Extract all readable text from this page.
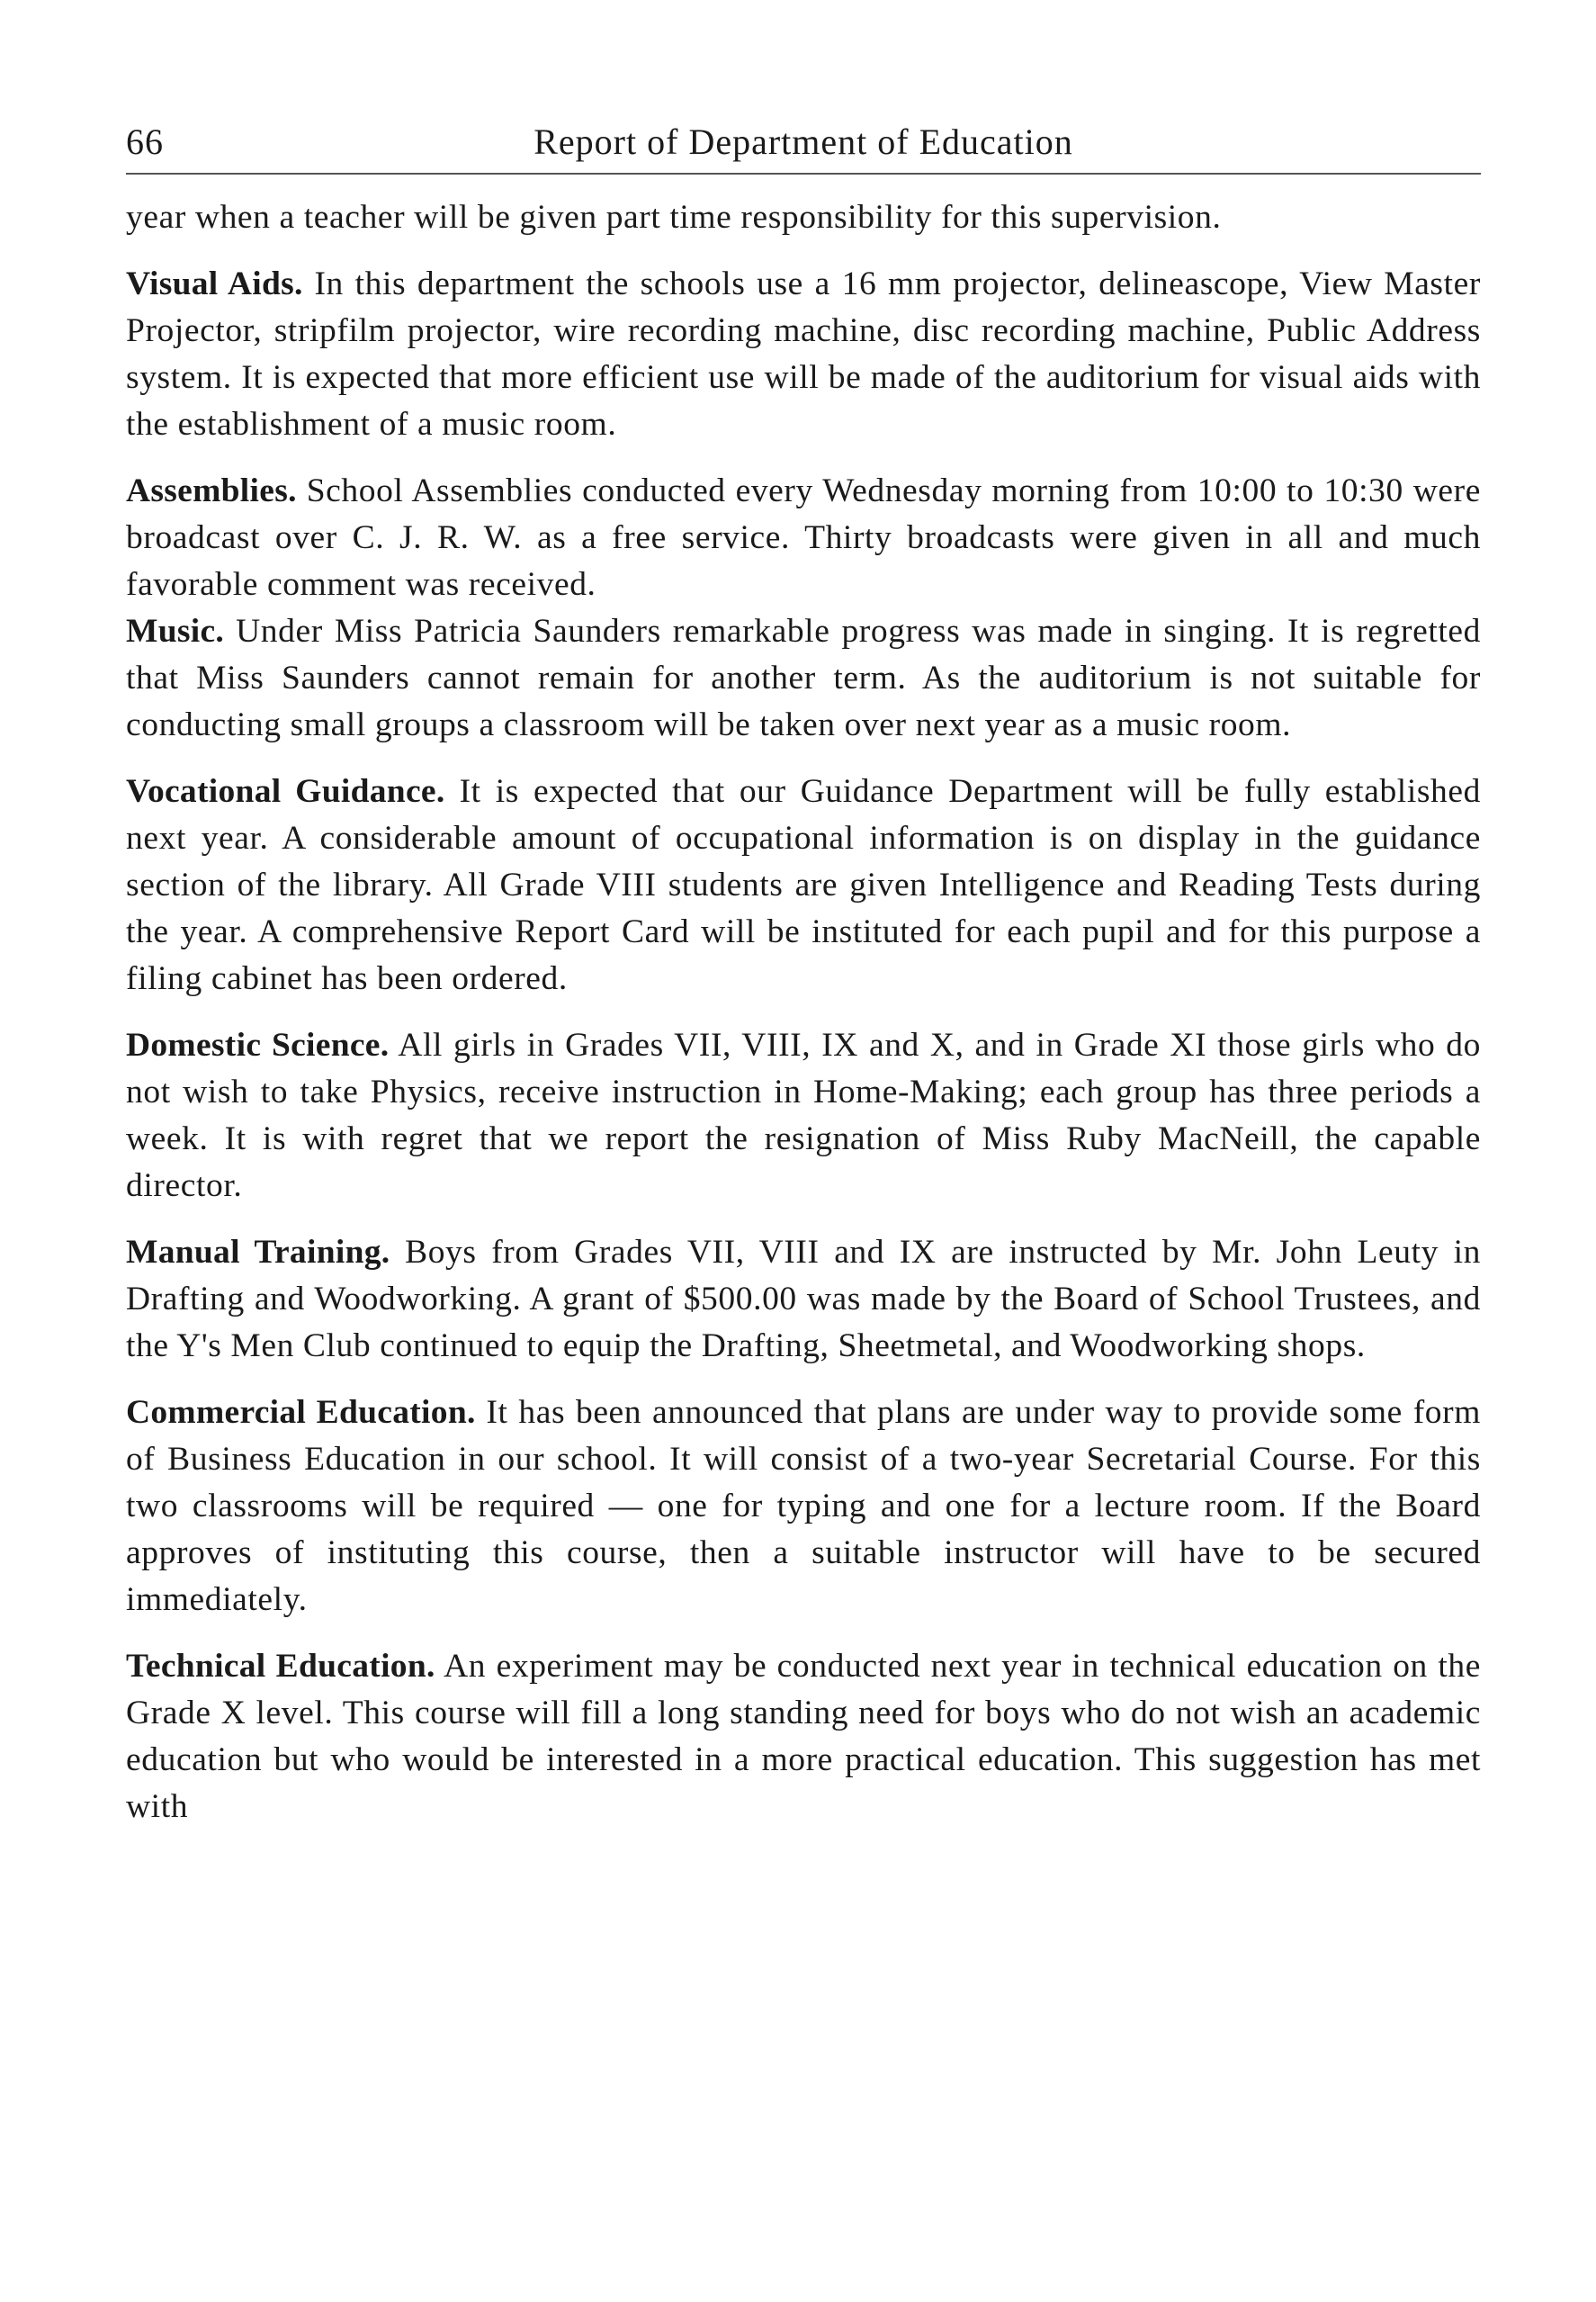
66	Report of Department of Education

year when a teacher will be given part time responsibility for this supervision.

Visual Aids. In this department the schools use a 16 mm projector, delineascope, View Master Projector, stripfilm projector, wire recording machine, disc recording machine, Public Address system. It is expected that more efficient use will be made of the auditorium for visual aids with the establishment of a music room.

Assemblies. School Assemblies conducted every Wednesday morning from 10:00 to 10:30 were broadcast over C. J. R. W. as a free service. Thirty broadcasts were given in all and much favorable comment was received.

Music. Under Miss Patricia Saunders remarkable progress was made in singing. It is regretted that Miss Saunders cannot remain for another term. As the auditorium is not suitable for conducting small groups a classroom will be taken over next year as a music room.

Vocational Guidance. It is expected that our Guidance Department will be fully established next year. A considerable amount of occupational information is on display in the guidance section of the library. All Grade VIII students are given Intelligence and Reading Tests during the year. A comprehensive Report Card will be instituted for each pupil and for this purpose a filing cabinet has been ordered.

Domestic Science. All girls in Grades VII, VIII, IX and X, and in Grade XI those girls who do not wish to take Physics, receive instruction in Home-Making; each group has three periods a week. It is with regret that we report the resignation of Miss Ruby MacNeill, the capable director.

Manual Training. Boys from Grades VII, VIII and IX are instructed by Mr. John Leuty in Drafting and Woodworking. A grant of $500.00 was made by the Board of School Trustees, and the Y's Men Club continued to equip the Drafting, Sheetmetal, and Woodworking shops.

Commercial Education. It has been announced that plans are under way to provide some form of Business Education in our school. It will consist of a two-year Secretarial Course. For this two classrooms will be required — one for typing and one for a lecture room. If the Board approves of instituting this course, then a suitable instructor will have to be secured immediately.

Technical Education. An experiment may be conducted next year in technical education on the Grade X level. This course will fill a long standing need for boys who do not wish an academic education but who would be interested in a more practical education. This suggestion has met with
